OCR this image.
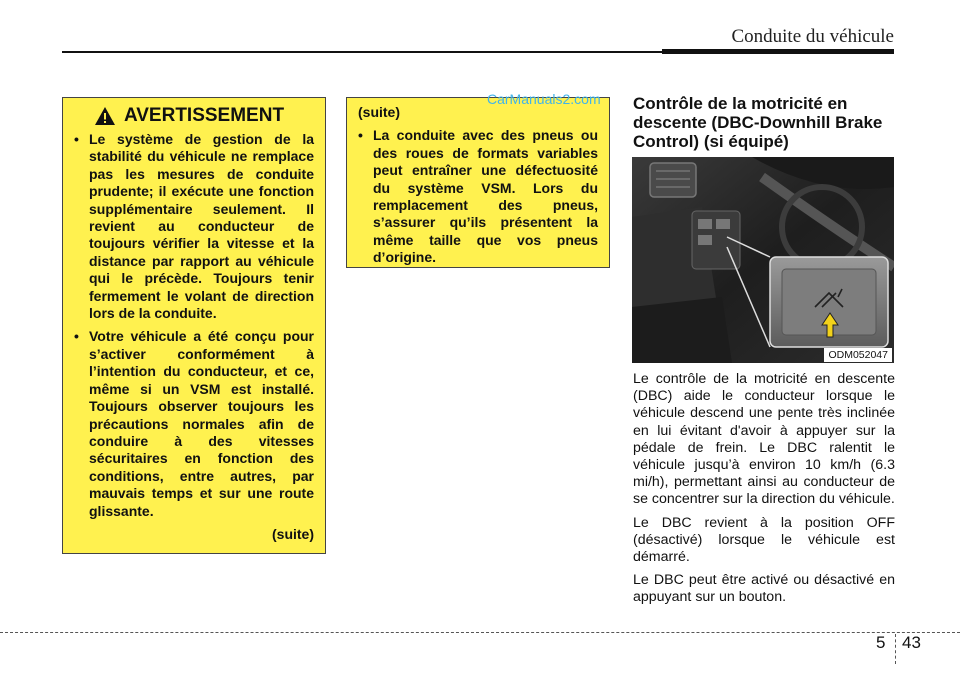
Conduite du véhicule
AVERTISSEMENT
• Le système de gestion de la stabilité du véhicule ne remplace pas les mesures de conduite prudente; il exécute une fonction supplémentaire seulement. Il revient au conducteur de toujours vérifier la vitesse et la distance par rapport au véhicule qui le précède. Toujours tenir fermement le volant de direction lors de la conduite.
• Votre véhicule a été conçu pour s’activer conformément à l’intention du conducteur, et ce, même si un VSM est installé. Toujours observer toujours les précautions normales afin de conduire à des vitesses sécuritaires en fonction des conditions, entre autres, par mauvais temps et sur une route glissante.
(suite)
(suite)
• La conduite avec des pneus ou des roues de formats variables peut entraîner une défectuosité du système VSM. Lors du remplacement des pneus, s’assurer qu’ils présentent la même taille que vos pneus d’origine.
CarManuals2.com Contrôle de la motricité en descente (DBC-Downhill Brake Control) (si équipé)
ODM052047

Le contrôle de la motricité en descente (DBC) aide le conducteur lorsque le véhicule descend une pente très inclinée en lui évitant d'avoir à appuyer sur la pédale de frein. Le DBC ralentit le véhicule jusqu’à environ 10 km/h (6.3 mi/h), permettant ainsi au conducteur de se concentrer sur la direction du véhicule.

Le DBC revient à la position OFF (désactivé) lorsque le véhicule est démarré.

Le DBC peut être activé ou désactivé en appuyant sur un bouton.

5 43
